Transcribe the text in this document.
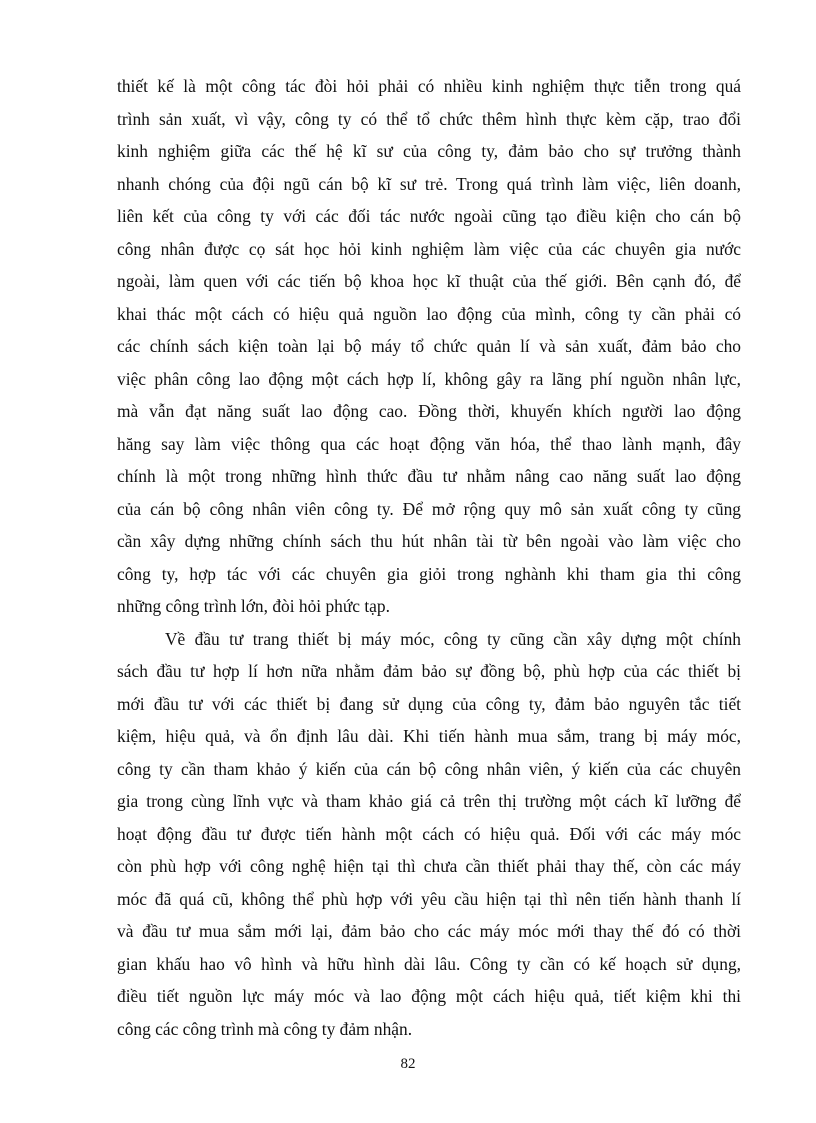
thiết kế là một công tác đòi hỏi phải có nhiều kinh nghiệm thực tiễn trong quá
trình sản xuất, vì vậy, công ty có thể tổ chức thêm hình thực kèm cặp, trao đổi
kinh nghiệm giữa các thế hệ kĩ sư của công ty, đảm bảo cho sự trưởng thành
nhanh chóng của đội ngũ cán bộ kĩ sư trẻ. Trong quá trình làm việc, liên doanh,
liên kết của công ty với các đối tác nước ngoài cũng tạo điều kiện cho cán bộ
công nhân được cọ sát học hỏi kinh nghiệm làm việc của các chuyên gia nước
ngoài, làm quen với các tiến bộ khoa học kĩ thuật của thế giới. Bên cạnh đó, để
khai thác một cách có hiệu quả nguồn lao động của mình, công ty cần phải có
các chính sách kiện toàn lại bộ máy tổ chức quản lí và sản xuất, đảm bảo cho
việc phân công lao động một cách hợp lí, không gây ra lãng phí nguồn nhân lực,
mà vẫn đạt năng suất lao động cao. Đồng thời, khuyến khích người lao động
hăng say làm việc thông qua các hoạt động văn hóa, thể thao lành mạnh, đây
chính là một trong những hình thức đầu tư nhằm nâng cao năng suất lao động
của cán bộ công nhân viên công ty. Để mở rộng quy mô sản xuất công ty cũng
cần xây dựng những chính sách thu hút nhân tài từ bên ngoài vào làm việc cho
công ty, hợp tác với các chuyên gia giỏi trong nghành khi tham gia thi công
những công trình lớn, đòi hỏi phức tạp.
Về đầu tư trang thiết bị máy móc, công ty cũng cần xây dựng một chính
sách đầu tư hợp lí hơn nữa nhằm đảm bảo sự đồng bộ, phù hợp của các thiết bị
mới đầu tư với các thiết bị đang sử dụng của công ty, đảm bảo nguyên tắc tiết
kiệm, hiệu quả, và ổn định lâu dài. Khi tiến hành mua sắm, trang bị máy móc,
công ty cần tham khảo ý kiến của cán bộ công nhân viên, ý kiến của các chuyên
gia trong cùng lĩnh vực và tham khảo giá cả trên thị trường một cách kĩ lưỡng để
hoạt động đầu tư được tiến hành một cách có hiệu quả. Đối với các máy móc
còn phù hợp với công nghệ hiện tại thì chưa cần thiết phải thay thế, còn các máy
móc đã quá cũ, không thể phù hợp với yêu cầu hiện tại thì nên tiến hành thanh lí
và đầu tư mua sắm mới lại, đảm bảo cho các máy móc mới thay thế đó có thời
gian khấu hao vô hình và hữu hình dài lâu. Công ty cần có kế hoạch sử dụng,
điều tiết nguồn lực máy móc và lao động một cách hiệu quả, tiết kiệm khi thi
công các công trình mà công ty đảm nhận.
82
